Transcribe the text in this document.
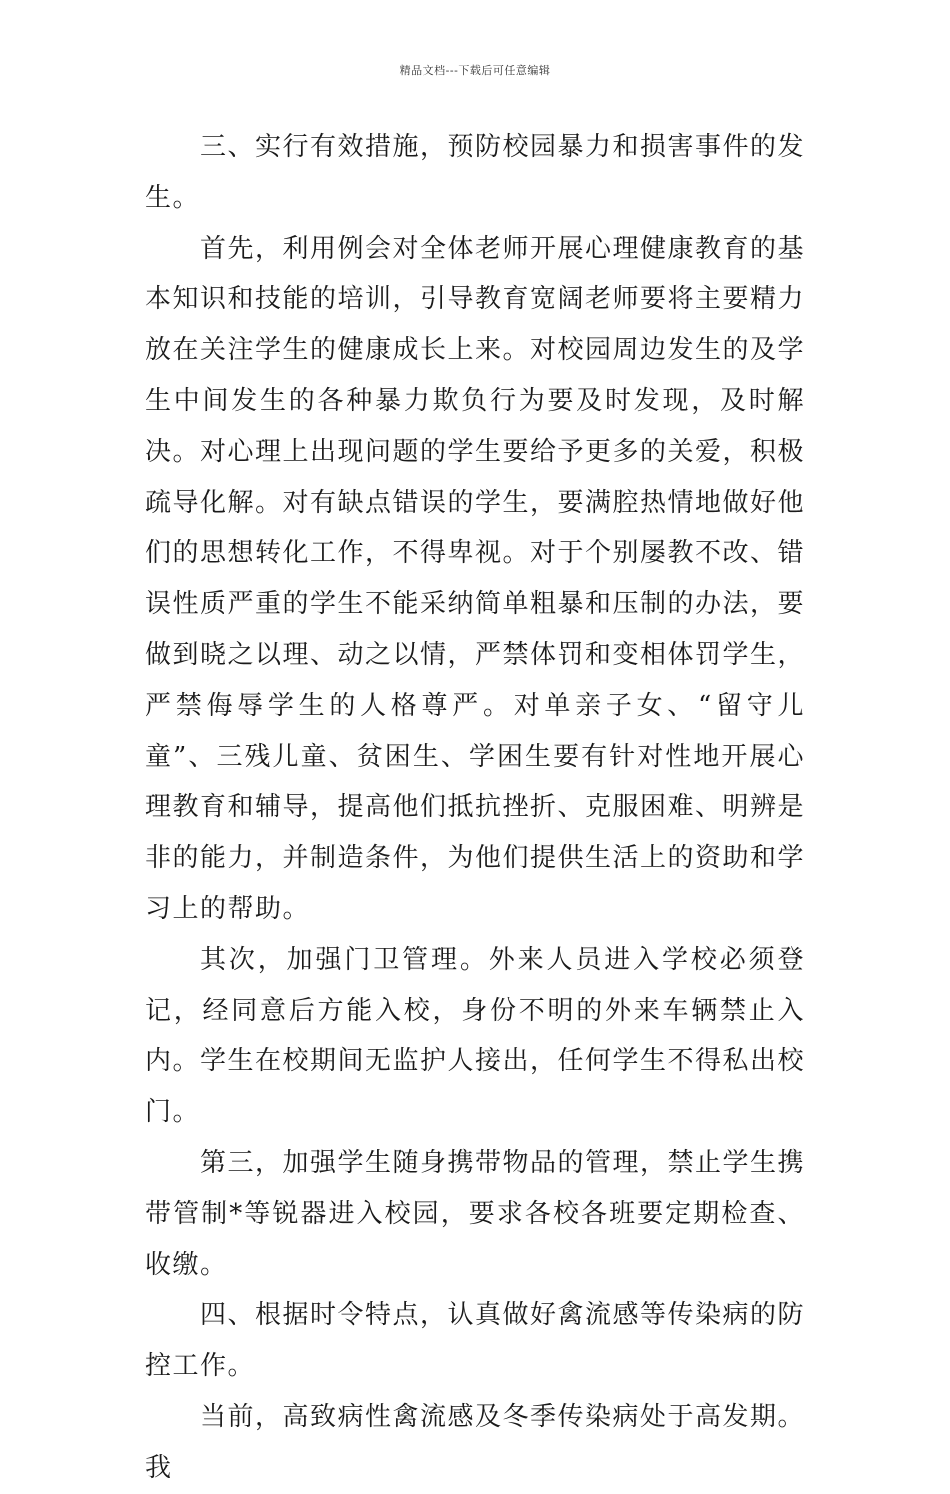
精品文档---下载后可任意编辑

三、实行有效措施，预防校园暴力和损害事件的发生。

首先，利用例会对全体老师开展心理健康教育的基本知识和技能的培训，引导教育宽阔老师要将主要精力放在关注学生的健康成长上来。对校园周边发生的及学生中间发生的各种暴力欺负行为要及时发现，及时解决。对心理上出现问题的学生要给予更多的关爱，积极疏导化解。对有缺点错误的学生，要满腔热情地做好他们的思想转化工作，不得卑视。对于个别屡教不改、错误性质严重的学生不能采纳简单粗暴和压制的办法，要做到晓之以理、动之以情，严禁体罚和变相体罚学生，严禁侮辱学生的人格尊严。对单亲子女、“留守儿童”、三残儿童、贫困生、学困生要有针对性地开展心理教育和辅导，提高他们抵抗挫折、克服困难、明辨是非的能力，并制造条件，为他们提供生活上的资助和学习上的帮助。

其次，加强门卫管理。外来人员进入学校必须登记，经同意后方能入校，身份不明的外来车辆禁止入内。学生在校期间无监护人接出，任何学生不得私出校门。

第三，加强学生随身携带物品的管理，禁止学生携带管制*等锐器进入校园，要求各校各班要定期检查、收缴。

四、根据时令特点，认真做好禽流感等传染病的防控工作。

当前，高致病性禽流感及冬季传染病处于高发期。我
